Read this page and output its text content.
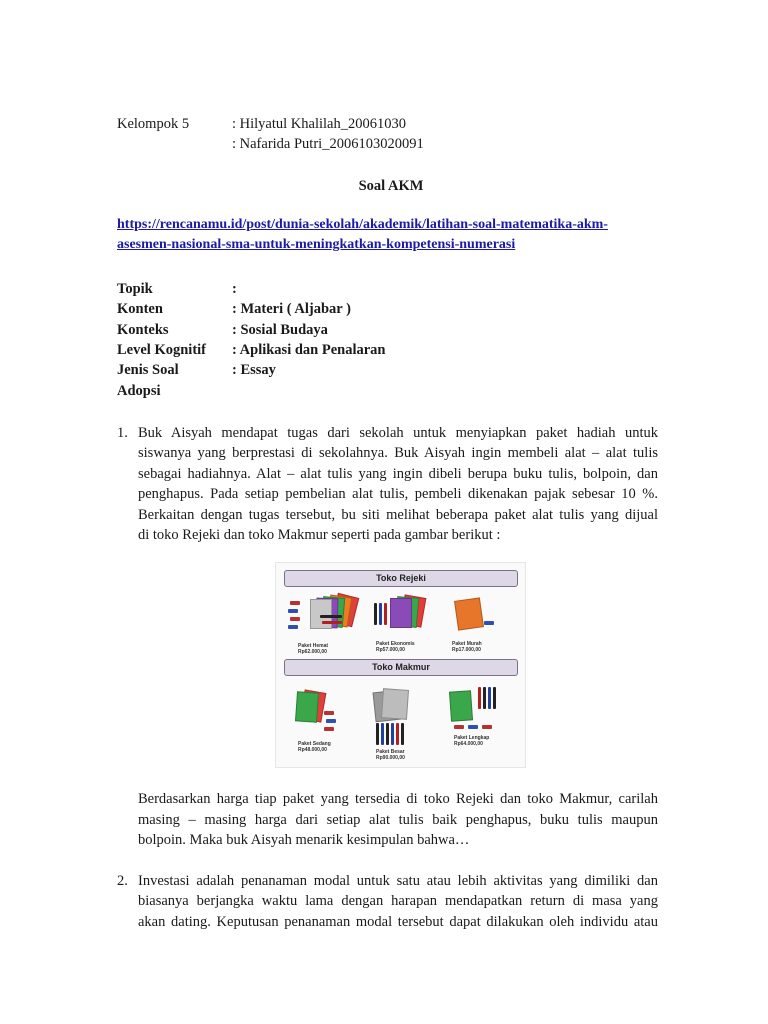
Kelompok 5	: Hilyatul Khalilah_20061030
: Nafarida Putri_2006103020091
Soal AKM
https://rencanamu.id/post/dunia-sekolah/akademik/latihan-soal-matematika-akm-
asesmen-nasional-sma-untuk-meningkatkan-kompetensi-numerasi
Topik	:
Konten	: Materi ( Aljabar )
Konteks	: Sosial Budaya
Level Kognitif : Aplikasi dan Penalaran
Jenis Soal	: Essay
Adopsi
1. Buk Aisyah mendapat tugas dari sekolah untuk menyiapkan paket hadiah untuk
siswanya yang berprestasi di sekolahnya. Buk Aisyah ingin membeli alat – alat tulis
sebagai hadiahnya. Alat – alat tulis yang ingin dibeli berupa buku tulis, bolpoin, dan
penghapus. Pada setiap pembelian alat tulis, pembeli dikenakan pajak sebesar 10 %.
Berkaitan dengan tugas tersebut, bu siti melihat beberapa paket alat tulis yang dijual
di toko Rejeki dan toko Makmur seperti pada gambar berikut :
Toko Rejeki
Paket Hemat
Rp62.000,00
Paket Ekonomis
Rp57.000,00
Paket Murah
Rp17.000,00
Toko Makmur
Paket Sedang
Rp48.000,00	Paket Besar
Rp90.000,00
Paket Lengkap
Rp64.000,00
Berdasarkan harga tiap paket yang tersedia di toko Rejeki dan toko Makmur, carilah
masing – masing harga dari setiap alat tulis baik penghapus, buku tulis maupun
bolpoin. Maka buk Aisyah menarik kesimpulan bahwa…
2. Investasi adalah penanaman modal untuk satu atau lebih aktivitas yang dimiliki dan
biasanya berjangka waktu lama dengan harapan mendapatkan return di masa yang
akan dating. Keputusan penanaman modal tersebut dapat dilakukan oleh individu atau
